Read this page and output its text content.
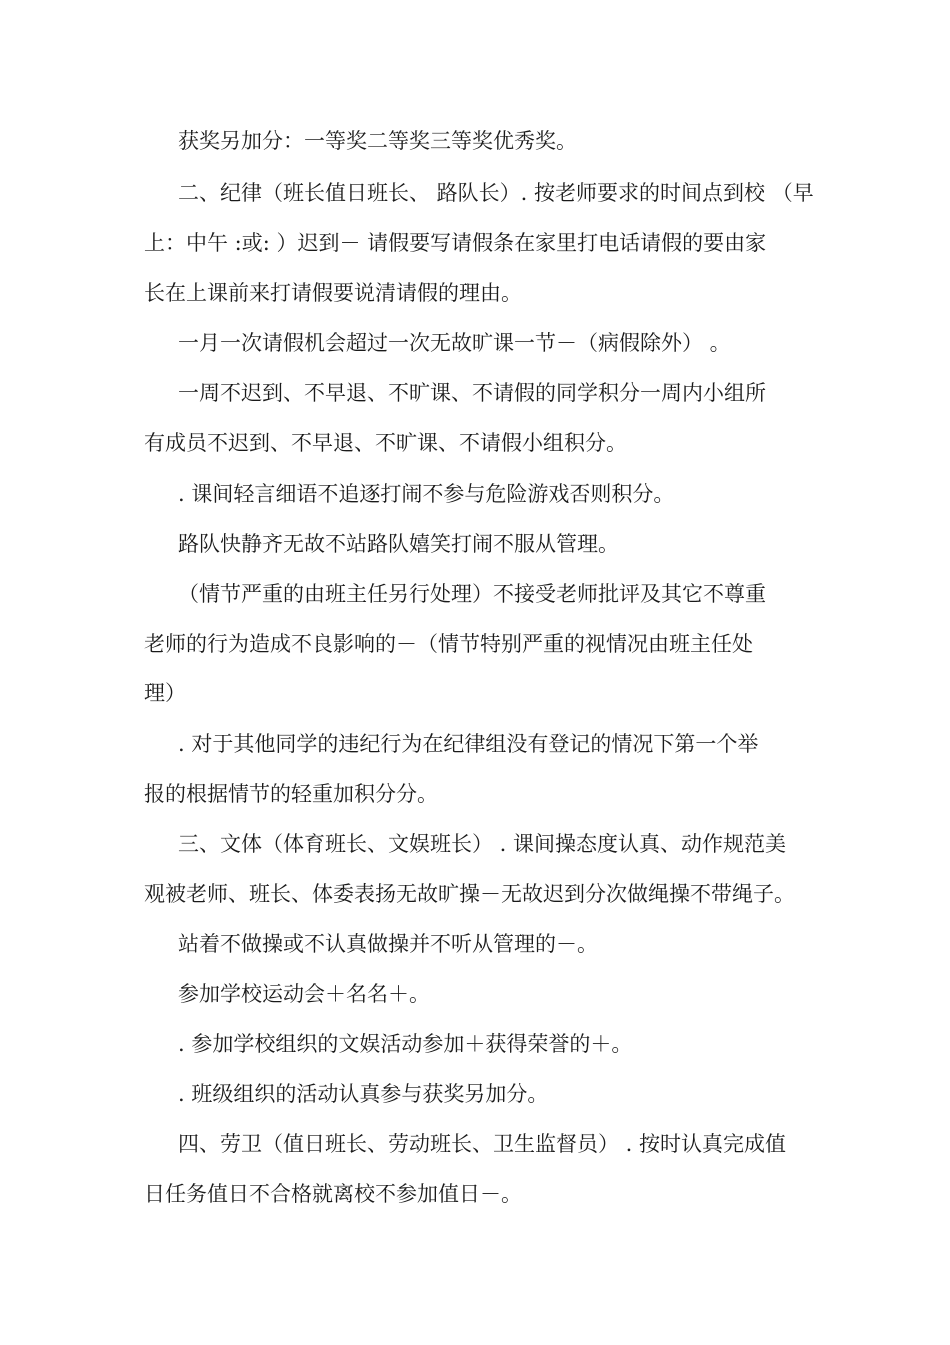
获奖另加分：一等奖二等奖三等奖优秀奖。
二、纪律（班长值日班长、 路队长）. 按老师要求的时间点到校 （早
上：中午 :或: ）迟到－ 请假要写请假条在家里打电话请假的要由家
长在上课前来打请假要说清请假的理由。
一月一次请假机会超过一次无故旷课一节－（病假除外） 。
一周不迟到、不早退、不旷课、不请假的同学积分一周内小组所
有成员不迟到、不早退、不旷课、不请假小组积分。
. 课间轻言细语不追逐打闹不参与危险游戏否则积分。
路队快静齐无故不站路队嬉笑打闹不服从管理。
（情节严重的由班主任另行处理）不接受老师批评及其它不尊重
老师的行为造成不良影响的－（情节特别严重的视情况由班主任处
理）
. 对于其他同学的违纪行为在纪律组没有登记的情况下第一个举
报的根据情节的轻重加积分分。
三、文体（体育班长、文娱班长） . 课间操态度认真、动作规范美
观被老师、班长、体委表扬无故旷操－无故迟到分次做绳操不带绳子。
站着不做操或不认真做操并不听从管理的－。
参加学校运动会＋名名＋。
. 参加学校组织的文娱活动参加＋获得荣誉的＋。
. 班级组织的活动认真参与获奖另加分。
四、劳卫（值日班长、劳动班长、卫生监督员） . 按时认真完成值
日任务值日不合格就离校不参加值日－。
